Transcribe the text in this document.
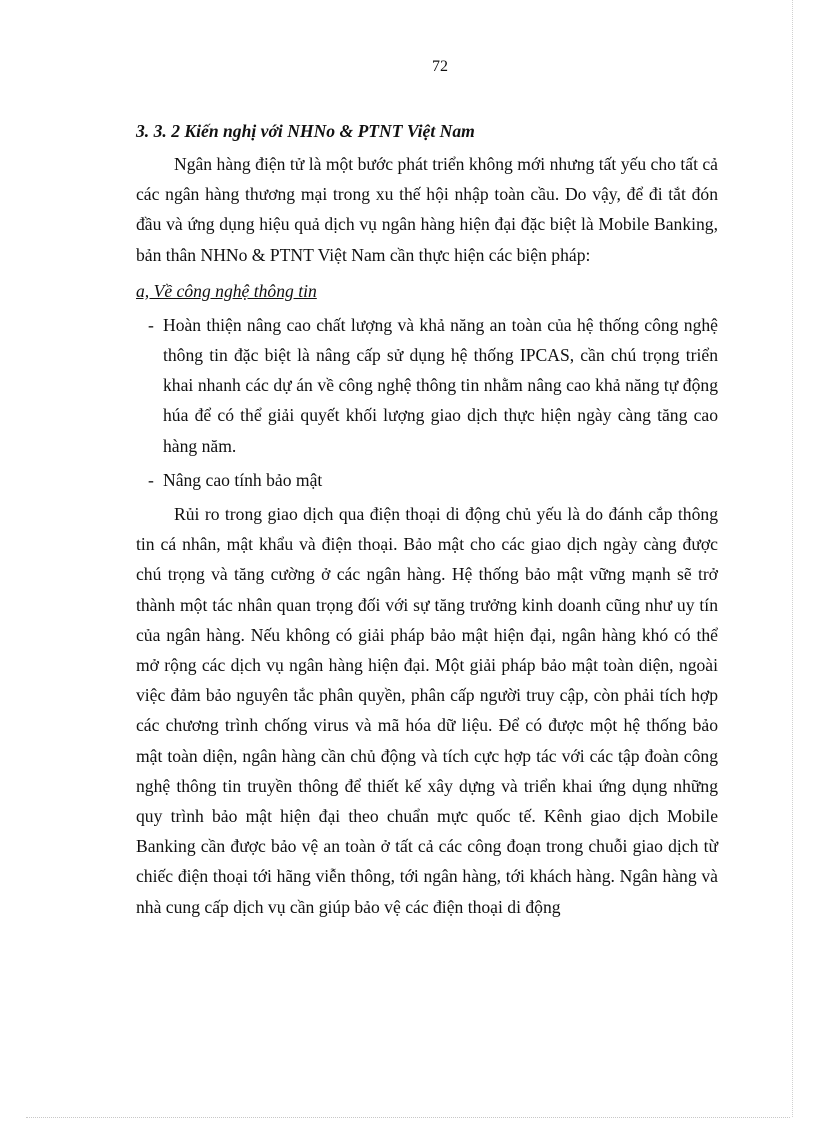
72

3. 3. 2 Kiến nghị với NHNo & PTNT Việt Nam

Ngân hàng điện tử là một bước phát triển không mới nhưng tất yếu cho tất cả các ngân hàng thương mại trong xu thế hội nhập toàn cầu. Do vậy, để đi tắt đón đầu và ứng dụng hiệu quả dịch vụ ngân hàng hiện đại đặc biệt là Mobile Banking, bản thân NHNo & PTNT Việt Nam cần thực hiện các biện pháp:

a, Về công nghệ thông tin

- Hoàn thiện nâng cao chất lượng và khả năng an toàn của hệ thống công nghệ thông tin đặc biệt là nâng cấp sử dụng hệ thống IPCAS, cần chú trọng triển khai nhanh các dự án về công nghệ thông tin nhằm nâng cao khả năng tự động húa để có thể giải quyết khối lượng giao dịch thực hiện ngày càng tăng cao hàng năm.
- Nâng cao tính bảo mật

Rủi ro trong giao dịch qua điện thoại di động chủ yếu là do đánh cắp thông tin cá nhân, mật khẩu và điện thoại. Bảo mật cho các giao dịch ngày càng được chú trọng và tăng cường ở các ngân hàng. Hệ thống bảo mật vững mạnh sẽ trở thành một tác nhân quan trọng đối với sự tăng trưởng kinh doanh cũng như uy tín của ngân hàng. Nếu không có giải pháp bảo mật hiện đại, ngân hàng khó có thể mở rộng các dịch vụ ngân hàng hiện đại. Một giải pháp bảo mật toàn diện, ngoài việc đảm bảo nguyên tắc phân quyền, phân cấp người truy cập, còn phải tích hợp các chương trình chống virus và mã hóa dữ liệu. Để có được một hệ thống bảo mật toàn diện, ngân hàng cần chủ động và tích cực hợp tác với các tập đoàn công nghệ thông tin truyền thông để thiết kế xây dựng và triển khai ứng dụng những quy trình bảo mật hiện đại theo chuẩn mực quốc tế. Kênh giao dịch Mobile Banking cần được bảo vệ an toàn ở tất cả các công đoạn trong chuỗi giao dịch từ chiếc điện thoại tới hãng viễn thông, tới ngân hàng, tới khách hàng. Ngân hàng và nhà cung cấp dịch vụ cần giúp bảo vệ các điện thoại di động
